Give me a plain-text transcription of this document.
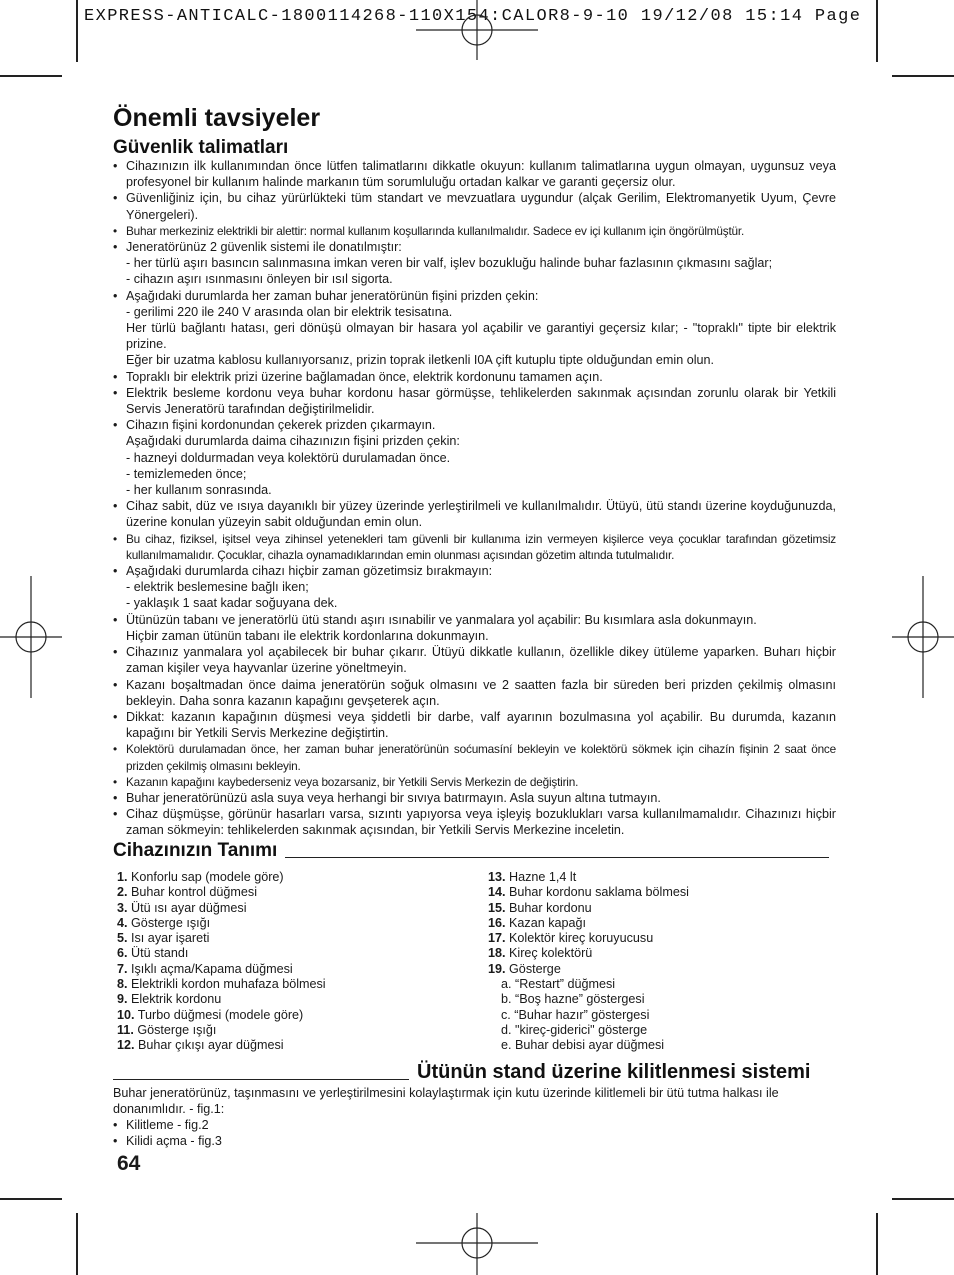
EXPRESS-ANTICALC-1800114268-110X154:CALOR8-9-10 19/12/08 15:14 Page
Önemli tavsiyeler
Güvenlik talimatları
• Cihazınızın ilk kullanımından önce lütfen talimatlarını dikkatle okuyun: kullanım talimatlarına uygun olmayan, uygunsuz veya profesyonel bir kullanım halinde markanın tüm sorumluluğu ortadan kalkar ve garanti geçersiz olur.
• Güvenliğiniz için, bu cihaz yürürlükteki tüm standart ve mevzuatlara uygundur (alçak Gerilim, Elektromanyetik Uyum, Çevre Yönergeleri).
• Buhar merkeziniz elektrikli bir alettir: normal kullanım koşullarında kullanılmalıdır. Sadece ev içi kullanım için öngörülmüştür.
• Jeneratörünüz 2 güvenlik sistemi ile donatılmıştır:
- her türlü aşırı basıncın salınmasına imkan veren bir valf, işlev bozukluğu halinde buhar fazlasının çıkmasını sağlar;
- cihazın aşırı ısınmasını önleyen bir ısıl sigorta.
• Aşağıdaki durumlarda her zaman buhar jeneratörünün fişini prizden çekin:
- gerilimi 220 ile 240 V arasında olan bir elektrik tesisatına.
Her türlü bağlantı hatası, geri dönüşü olmayan bir hasara yol açabilir ve garantiyi geçersiz kılar; - "topraklı" tipte bir elektrik prizine.
Eğer bir uzatma kablosu kullanıyorsanız, prizin toprak iletkenli I0A çift kutuplu tipte olduğundan emin olun.
• Topraklı bir elektrik prizi üzerine bağlamadan önce, elektrik kordonunu tamamen açın.
• Elektrik besleme kordonu veya buhar kordonu hasar görmüşse, tehlikelerden sakınmak açısından zorunlu olarak bir Yetkili Servis Jeneratörü tarafından değiştirilmelidir.
• Cihazın fişini kordonundan çekerek prizden çıkarmayın.
Aşağıdaki durumlarda daima cihazınızın fişini prizden çekin:
- hazneyi doldurmadan veya kolektörü durulamadan önce.
- temizlemeden önce;
- her kullanım sonrasında.
• Cihaz sabit, düz ve ısıya dayanıklı bir yüzey üzerinde yerleştirilmeli ve kullanılmalıdır. Ütüyü, ütü standı üzerine koyduğunuzda, üzerine konulan yüzeyin sabit olduğundan emin olun.
• Bu cihaz, fiziksel, işitsel veya zihinsel yetenekleri tam güvenli bir kullanıma izin vermeyen kişilerce veya çocuklar tarafından gözetimsiz kullanılmamalıdır. Çocuklar, cihazla oynamadıklarından emin olunması açısından gözetim altında tutulmalıdır.
• Aşağıdaki durumlarda cihazı hiçbir zaman gözetimsiz bırakmayın:
- elektrik beslemesine bağlı iken;
- yaklaşık 1 saat kadar soğuyana dek.
• Ütünüzün tabanı ve jeneratörlü ütü standı aşırı ısınabilir ve yanmalara yol açabilir: Bu kısımlara asla dokunmayın.
Hiçbir zaman ütünün tabanı ile elektrik kordonlarına dokunmayın.
• Cihazınız yanmalara yol açabilecek bir buhar çıkarır. Ütüyü dikkatle kullanın, özellikle dikey ütüleme yaparken. Buharı hiçbir zaman kişiler veya hayvanlar üzerine yöneltmeyin.
• Kazanı boşaltmadan önce daima jeneratörün soğuk olmasını ve 2 saatten fazla bir süreden beri prizden çekilmiş olmasını bekleyin. Daha sonra kazanın kapağını gevşeterek açın.
• Dikkat: kazanın kapağının düşmesi veya şiddetli bir darbe, valf ayarının bozulmasına yol açabilir. Bu durumda, kazanın kapağını bir Yetkili Servis Merkezine değiştirtin.
• Kolektörü durulamadan önce, her zaman buhar jeneratörünün soćumasíní bekleyin ve kolektörü sökmek için cihazín fişinin 2 saat önce prizden çekilmiş olmasını bekleyin.
• Kazanın kapağını kaybederseniz veya bozarsaniz, bir Yetkili Servis Merkezin de değiştirin.
• Buhar jeneratörünüzü asla suya veya herhangi bir sıvıya batırmayın. Asla suyun altına tutmayın.
• Cihaz düşmüşse, görünür hasarları varsa, sızıntı yapıyorsa veya işleyiş bozuklukları varsa kullanılmamalıdır. Cihazınızı hiçbir zaman sökmeyin: tehlikelerden sakınmak açısından, bir Yetkili Servis Merkezine inceletin.
Cihazınızın Tanımı
1. Konforlu sap (modele göre)
2. Buhar kontrol düğmesi
3. Ütü ısı ayar düğmesi
4. Gösterge ışığı
5. Isı ayar işareti
6. Ütü standı
7. Işıklı açma/Kapama düğmesi
8. Elektrikli kordon muhafaza bölmesi
9. Elektrik kordonu
10. Turbo düğmesi (modele göre)
11. Gösterge ışığı
12. Buhar çıkışı ayar düğmesi
13. Hazne 1,4 lt
14. Buhar kordonu saklama bölmesi
15. Buhar kordonu
16. Kazan kapağı
17. Kolektör kireç koruyucusu
18. Kireç kolektörü
19. Gösterge
a. “Restart” düğmesi
b. “Boş hazne” göstergesi
c. “Buhar hazır” göstergesi
d. "kireç-giderici" gösterge
e. Buhar debisi ayar düğmesi
Ütünün stand üzerine kilitlenmesi sistemi
Buhar jeneratörünüz, taşınmasını ve yerleştirilmesini kolaylaştırmak için kutu üzerinde kilitlemeli bir ütü tutma halkası ile donanımlıdır. - fig.1:
• Kilitleme - fig.2
• Kilidi açma - fig.3
64
